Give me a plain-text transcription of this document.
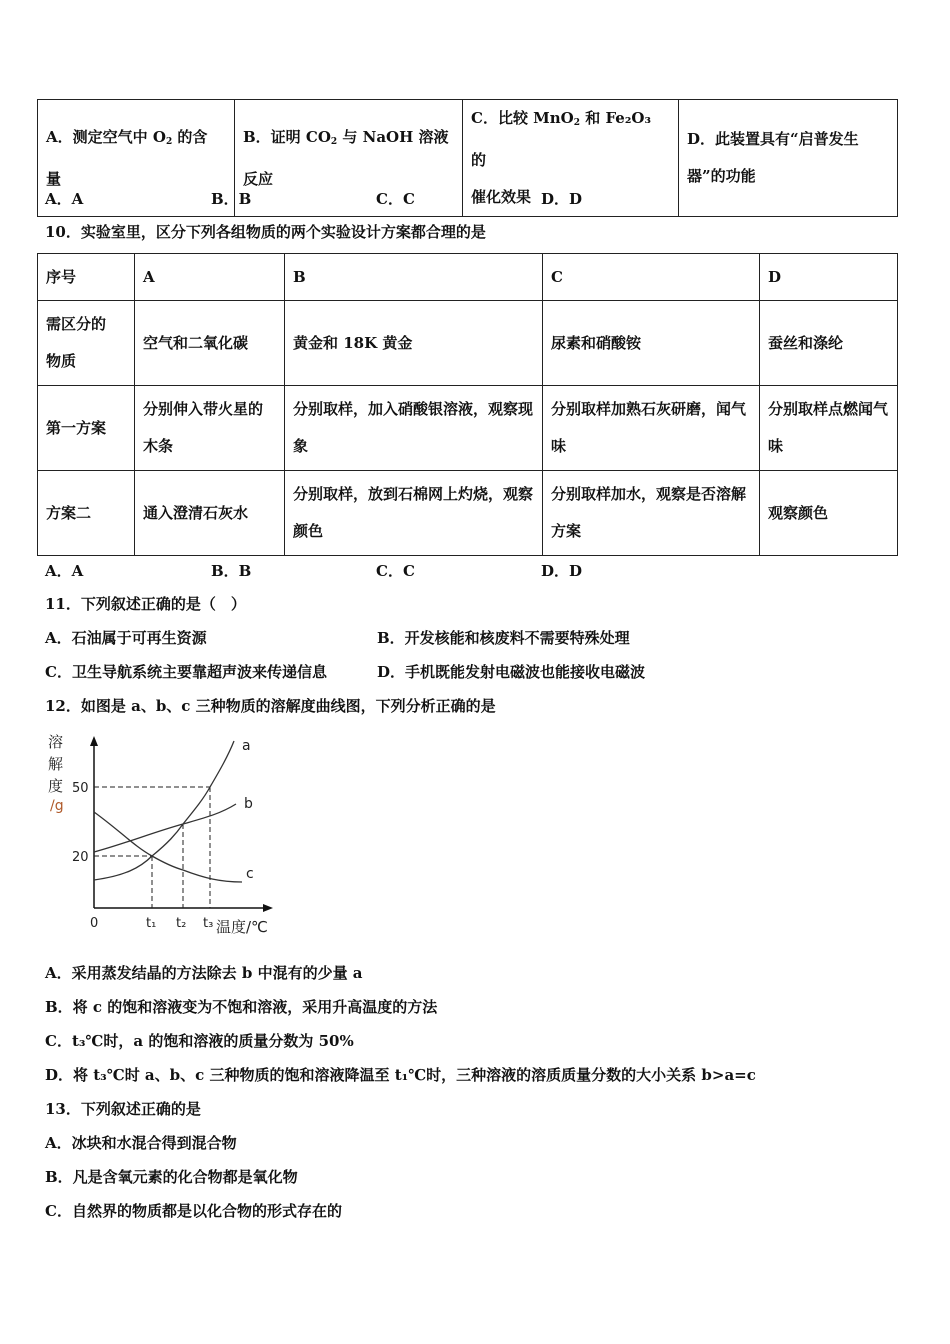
A．测定空气中 $O_2$ 的含
量	B．证明 $CO_2$ 与 NaOH 溶液
反应	C．比较 MnO$_2$ 和 Fe₂O₃ 的
催化效果	D．此装置具有“启普发生
器”的功能
A．A	B．B	C．C	D．D
10．实验室里，区分下列各组物质的两个实验设计方案都合理的是
序号	A	B	C	D
需区分的
物质	空气和二氧化碳	黄金和 18K 黄金	尿素和硝酸铵	蚕丝和涤纶
第一方案	分别伸入带火星的木条	分别取样，加入硝酸银溶液，观察现象	分别取样加熟石灰研磨，闻气味	分别取样点燃闻气味
方案二	通入澄清石灰水	分别取样，放到石棉网上灼烧，观察颜色	分别取样加水，观察是否溶解方案	观察颜色
A．A	B．B	C．C	D．D
11．下列叙述正确的是（　）
A．石油属于可再生资源	B．开发核能和核废料不需要特殊处理
C．卫生导航系统主要靠超声波来传递信息	D．手机既能发射电磁波也能接收电磁波
12．如图是 a、b、c 三种物质的溶解度曲线图，下列分析正确的是
溶
解
度
/g
a
b
c
50
20
0	t₁ t₂ t₃ 温度/℃
A．采用蒸发结晶的方法除去 b 中混有的少量 a
B．将 c 的饱和溶液变为不饱和溶液，采用升高温度的方法
C．t₃℃时，a 的饱和溶液的质量分数为 50%
D．将 t₃℃时 a、b、c 三种物质的饱和溶液降温至 t₁℃时，三种溶液的溶质质量分数的大小关系 b>a=c
13．下列叙述正确的是
A．冰块和水混合得到混合物
B．凡是含氧元素的化合物都是氧化物
C．自然界的物质都是以化合物的形式存在的
